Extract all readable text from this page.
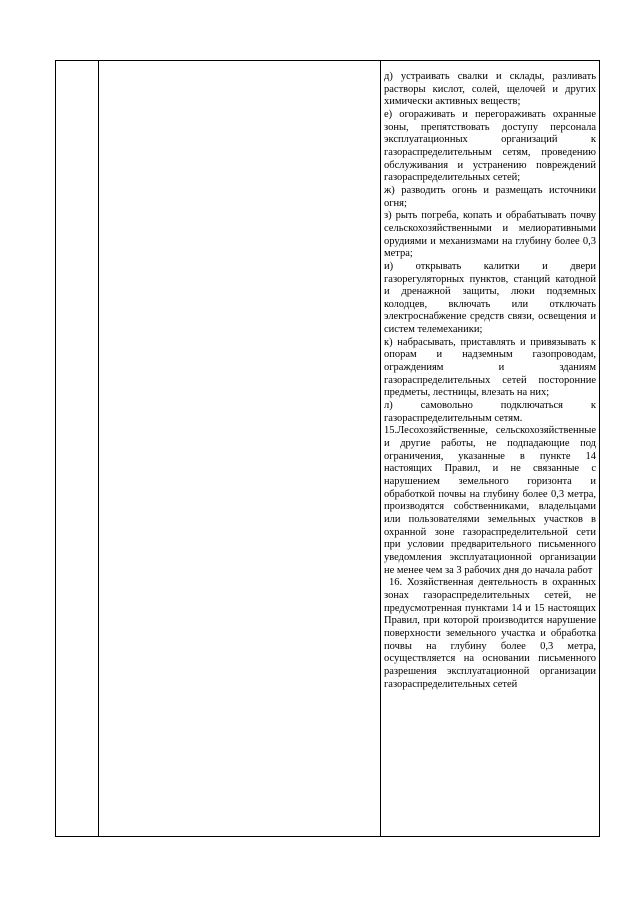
д) устраивать свалки и склады, разливать растворы кислот, солей, щелочей и других химически активных веществ;

е) огораживать и перегораживать охранные зоны, препятствовать доступу персонала эксплуатационных организаций к газораспределительным сетям, проведению обслуживания и устранению повреждений газораспределительных сетей;

ж) разводить огонь и размещать источники огня;

з) рыть погреба, копать и обрабатывать почву сельскохозяйственными и мелиоративными орудиями и механизмами на глубину более 0,3 метра;

и) открывать калитки и двери газорегуляторных пунктов, станций катодной и дренажной защиты, люки подземных колодцев, включать или отключать электроснабжение средств связи, освещения и систем телемеханики;

к) набрасывать, приставлять и привязывать к опорам и надземным газопроводам, ограждениям и зданиям газораспределительных сетей посторонние предметы, лестницы, влезать на них;

л) самовольно подключаться к газораспределительным сетям.

15.Лесохозяйственные, сельскохозяйственные и другие работы, не подпадающие под ограничения, указанные в пункте 14 настоящих Правил, и не связанные с нарушением земельного горизонта и обработкой почвы на глубину более 0,3 метра, производятся собственниками, владельцами или пользователями земельных участков в охранной зоне газораспределительной сети при условии предварительного письменного уведомления эксплуатационной организации не менее чем за 3 рабочих дня до начала работ

16. Хозяйственная деятельность в охранных зонах газораспределительных сетей, не предусмотренная пунктами 14 и 15 настоящих Правил, при которой производится нарушение поверхности земельного участка и обработка почвы на глубину более 0,3 метра, осуществляется на основании письменного разрешения эксплуатационной организации газораспределительных сетей
